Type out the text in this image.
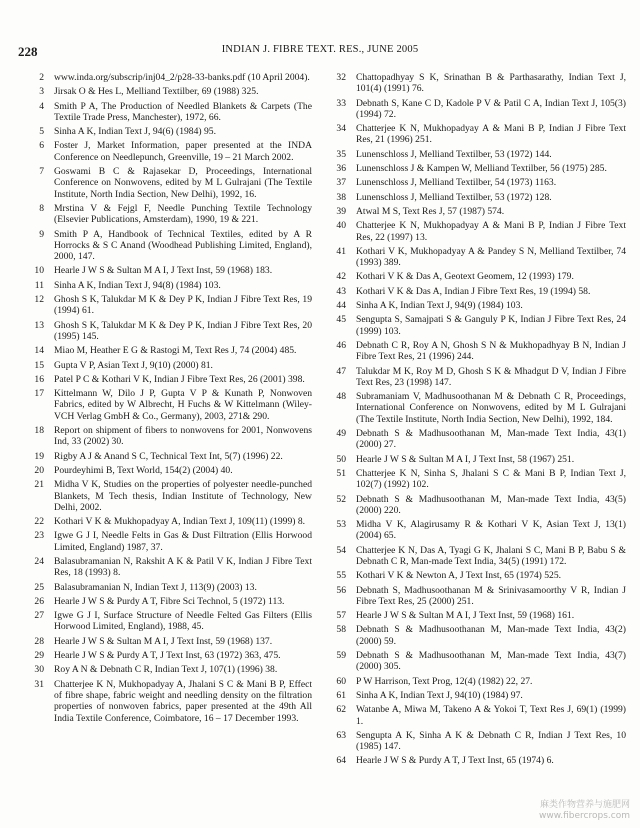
228	INDIAN J. FIBRE TEXT. RES., JUNE 2005
2	www.inda.org/subscrip/inj04_2/p28-33-banks.pdf (10 April 2004).
3	Jirsak O & Hes L, Melliand Textilber, 69 (1988) 325.
4	Smith P A, The Production of Needled Blankets & Carpets (The Textile Trade Press, Manchester), 1972, 66.
5	Sinha A K, Indian Text J, 94(6) (1984) 95.
6	Foster J, Market Information, paper presented at the INDA Conference on Needlepunch, Greenville, 19 – 21 March 2002.
7	Goswami B C & Rajasekar D, Proceedings, International Conference on Nonwovens, edited by M L Gulrajani (The Textile Institute, North India Section, New Delhi), 1992, 16.
8	Mrstina V & Fejgl F, Needle Punching Textile Technology (Elsevier Publications, Amsterdam), 1990, 19 & 221.
9	Smith P A, Handbook of Technical Textiles, edited by A R Horrocks & S C Anand (Woodhead Publishing Limited, England), 2000, 147.
10	Hearle J W S & Sultan M A I, J Text Inst, 59 (1968) 183.
11	Sinha A K, Indian Text J, 94(8) (1984) 103.
12	Ghosh S K, Talukdar M K & Dey P K, Indian J Fibre Text Res, 19 (1994) 61.
13	Ghosh S K, Talukdar M K & Dey P K, Indian J Fibre Text Res, 20 (1995) 145.
14	Miao M, Heather E G & Rastogi M, Text Res J, 74 (2004) 485.
15	Gupta V P, Asian Text J, 9(10) (2000) 81.
16	Patel P C & Kothari V K, Indian J Fibre Text Res, 26 (2001) 398.
17	Kittelmann W, Dilo J P, Gupta V P & Kunath P, Nonwoven Fabrics, edited by W Albrecht, H Fuchs & W Kittelmann (Wiley-VCH Verlag GmbH & Co., Germany), 2003, 271& 290.
18	Report on shipment of fibers to nonwovens for 2001, Nonwovens Ind, 33 (2002) 30.
19	Rigby A J & Anand S C, Technical Text Int, 5(7) (1996) 22.
20	Pourdeyhimi B, Text World, 154(2) (2004) 40.
21	Midha V K, Studies on the properties of polyester needle-punched Blankets, M Tech thesis, Indian Institute of Technology, New Delhi, 2002.
22	Kothari V K & Mukhopadyay A, Indian Text J, 109(11) (1999) 8.
23	Igwe G J I, Needle Felts in Gas & Dust Filtration (Ellis Horwood Limited, England) 1987, 37.
24	Balasubramanian N, Rakshit A K & Patil V K, Indian J Fibre Text Res, 18 (1993) 8.
25	Balasubramanian N, Indian Text J, 113(9) (2003) 13.
26	Hearle J W S & Purdy A T, Fibre Sci Technol, 5 (1972) 113.
27	Igwe G J I, Surface Structure of Needle Felted Gas Filters (Ellis Horwood Limited, England), 1988, 45.
28	Hearle J W S & Sultan M A I, J Text Inst, 59 (1968) 137.
29	Hearle J W S & Purdy A T, J Text Inst, 63 (1972) 363, 475.
30	Roy A N & Debnath C R, Indian Text J, 107(1) (1996) 38.
31	Chatterjee K N, Mukhopadyay A, Jhalani S C & Mani B P, Effect of fibre shape, fabric weight and needling density on the filtration properties of nonwoven fabrics, paper presented at the 49th All India Textile Conference, Coimbatore, 16 – 17 December 1993.
32	Chattopadhyay S K, Srinathan B & Parthasarathy, Indian Text J, 101(4) (1991) 76.
33	Debnath S, Kane C D, Kadole P V & Patil C A, Indian Text J, 105(3) (1994) 72.
34	Chatterjee K N, Mukhopadyay A & Mani B P, Indian J Fibre Text Res, 21 (1996) 251.
35	Lunenschloss J, Melliand Textilber, 53 (1972) 144.
36	Lunenschloss J & Kampen W, Melliand Textilber, 56 (1975) 285.
37	Lunenschloss J, Melliand Textilber, 54 (1973) 1163.
38	Lunenschloss J, Melliand Textilber, 53 (1972) 128.
39	Atwal M S, Text Res J, 57 (1987) 574.
40	Chatterjee K N, Mukhopadyay A & Mani B P, Indian J Fibre Text Res, 22 (1997) 13.
41	Kothari V K, Mukhopadyay A & Pandey S N, Melliand Textilber, 74 (1993) 389.
42	Kothari V K & Das A, Geotext Geomem, 12 (1993) 179.
43	Kothari V K & Das A, Indian J Fibre Text Res, 19 (1994) 58.
44	Sinha A K, Indian Text J, 94(9) (1984) 103.
45	Sengupta S, Samajpati S & Ganguly P K, Indian J Fibre Text Res, 24 (1999) 103.
46	Debnath C R, Roy A N, Ghosh S N & Mukhopadhyay B N, Indian J Fibre Text Res, 21 (1996) 244.
47	Talukdar M K, Roy M D, Ghosh S K & Mhadgut D V, Indian J Fibre Text Res, 23 (1998) 147.
48	Subramaniam V, Madhusoothanan M & Debnath C R, Proceedings, International Conference on Nonwovens, edited by M L Gulrajani (The Textile Institute, North India Section, New Delhi), 1992, 184.
49	Debnath S & Madhusoothanan M, Man-made Text India, 43(1) (2000) 27.
50	Hearle J W S & Sultan M A I, J Text Inst, 58 (1967) 251.
51	Chatterjee K N, Sinha S, Jhalani S C & Mani B P, Indian Text J, 102(7) (1992) 102.
52	Debnath S & Madhusoothanan M, Man-made Text India, 43(5) (2000) 220.
53	Midha V K, Alagirusamy R & Kothari V K, Asian Text J, 13(1) (2004) 65.
54	Chatterjee K N, Das A, Tyagi G K, Jhalani S C, Mani B P, Babu S & Debnath C R, Man-made Text India, 34(5) (1991) 172.
55	Kothari V K & Newton A, J Text Inst, 65 (1974) 525.
56	Debnath S, Madhusoothanan M & Srinivasamoorthy V R, Indian J Fibre Text Res, 25 (2000) 251.
57	Hearle J W S & Sultan M A I, J Text Inst, 59 (1968) 161.
58	Debnath S & Madhusoothanan M, Man-made Text India, 43(2) (2000) 59.
59	Debnath S & Madhusoothanan M, Man-made Text India, 43(7) (2000) 305.
60	P W Harrison, Text Prog, 12(4) (1982) 22, 27.
61	Sinha A K, Indian Text J, 94(10) (1984) 97.
62	Watanbe A, Miwa M, Takeno A & Yokoi T, Text Res J, 69(1) (1999) 1.
63	Sengupta A K, Sinha A K & Debnath C R, Indian J Text Res, 10 (1985) 147.
64	Hearle J W S & Purdy A T, J Text Inst, 65 (1974) 6.
麻类作物营养与施肥网
www.fibercrops.com
